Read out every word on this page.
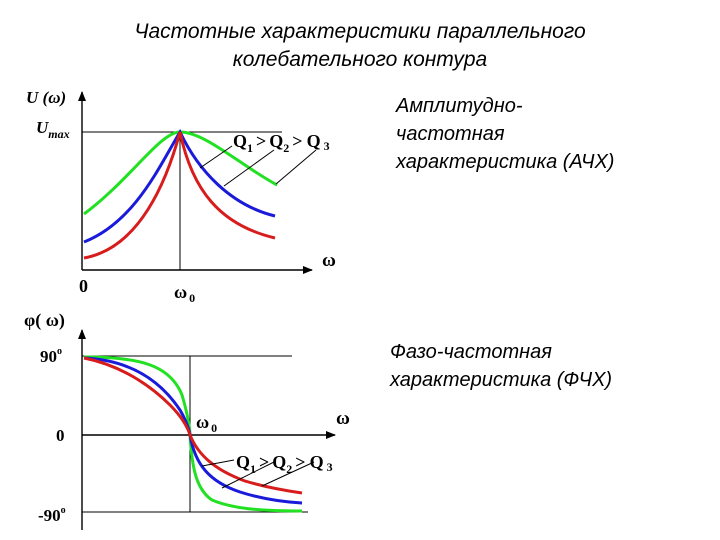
Частотные характеристики параллельного
колебательного контура
Амплитудно-
частотная
характеристика (АЧХ)
Фазо-частотная
характеристика (ФЧХ)
U (ω)
$U_{max}$
ω
0	ω $_0$
$Q_1 > Q_2 > Q$ 3
φ( ω)
90$^o$
0
-90$^o$
ω
ω $_0$
$Q_1 > Q_2 > Q$ 3
